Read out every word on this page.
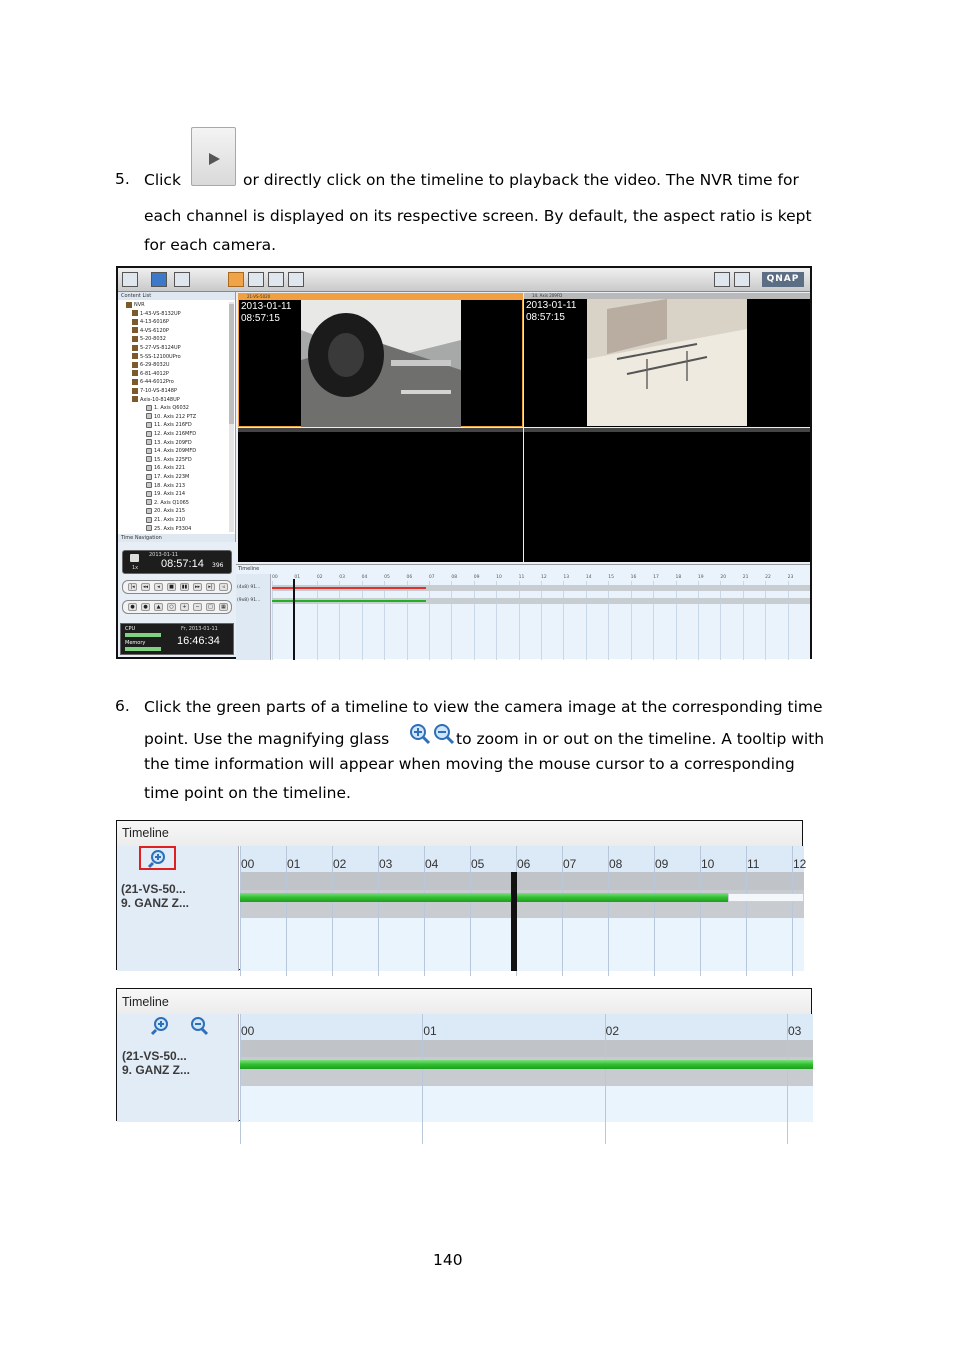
5. Click	or directly click on the timeline to playback the video. The NVR time for
each channel is displayed on its respective screen. By default, the aspect ratio is kept
for each camera.
QNAP
Content List
NVR
1-43-VS-8132UP
4-13-6016P
4-VS-6120P
5-20-8032
5-27-VS-8124UP
5-SS-12100UPro
6-29-8032U
6-81-4012P
6-44-6012Pro
7-10-VS-8148P
Axis-10-8148UP
1. Axis Q6032
10. Axis 212 PTZ
11. Axis 216FD
12. Axis 216MFD
13. Axis 209FD
14. Axis 209MFD
15. Axis 225FD
16. Axis 221
17. Axis 223M
18. Axis 213
19. Axis 214
2. Axis Q1065
20. Axis 215
21. Axis 210
25. Axis P3304
Time Navigation
21-VS-5020
2013-01-11
08:57:15
14. Axis 209FD
2013-01-11
08:57:15
1x
2013-01-11
08:57:14 396
|◂	◂◂	◂	■	▮▮	▸▸	▸|	◃
●	●	▲	○	+	−	□	▦
CPU
Memory
Fr, 2013-01-11
16:46:34
Timeline
(4x8) 91...
(9x8) 91...
00	01	02	03	04	05	06	07	08	09	10	11	12	13	14	15	16	17	18	19	20	21	22	23
6. Click the green parts of a timeline to view the camera image at the corresponding time
point. Use the magnifying glass	to zoom in or out on the timeline. A tooltip with
the time information will appear when moving the mouse cursor to a corresponding
time point on the timeline.
Timeline
(21-VS-50...
9. GANZ Z...
00	01	02	03	04	05	06	07	08	09	10	11	12
Timeline
(21-VS-50...
9. GANZ Z...
00	01	02	03
140
